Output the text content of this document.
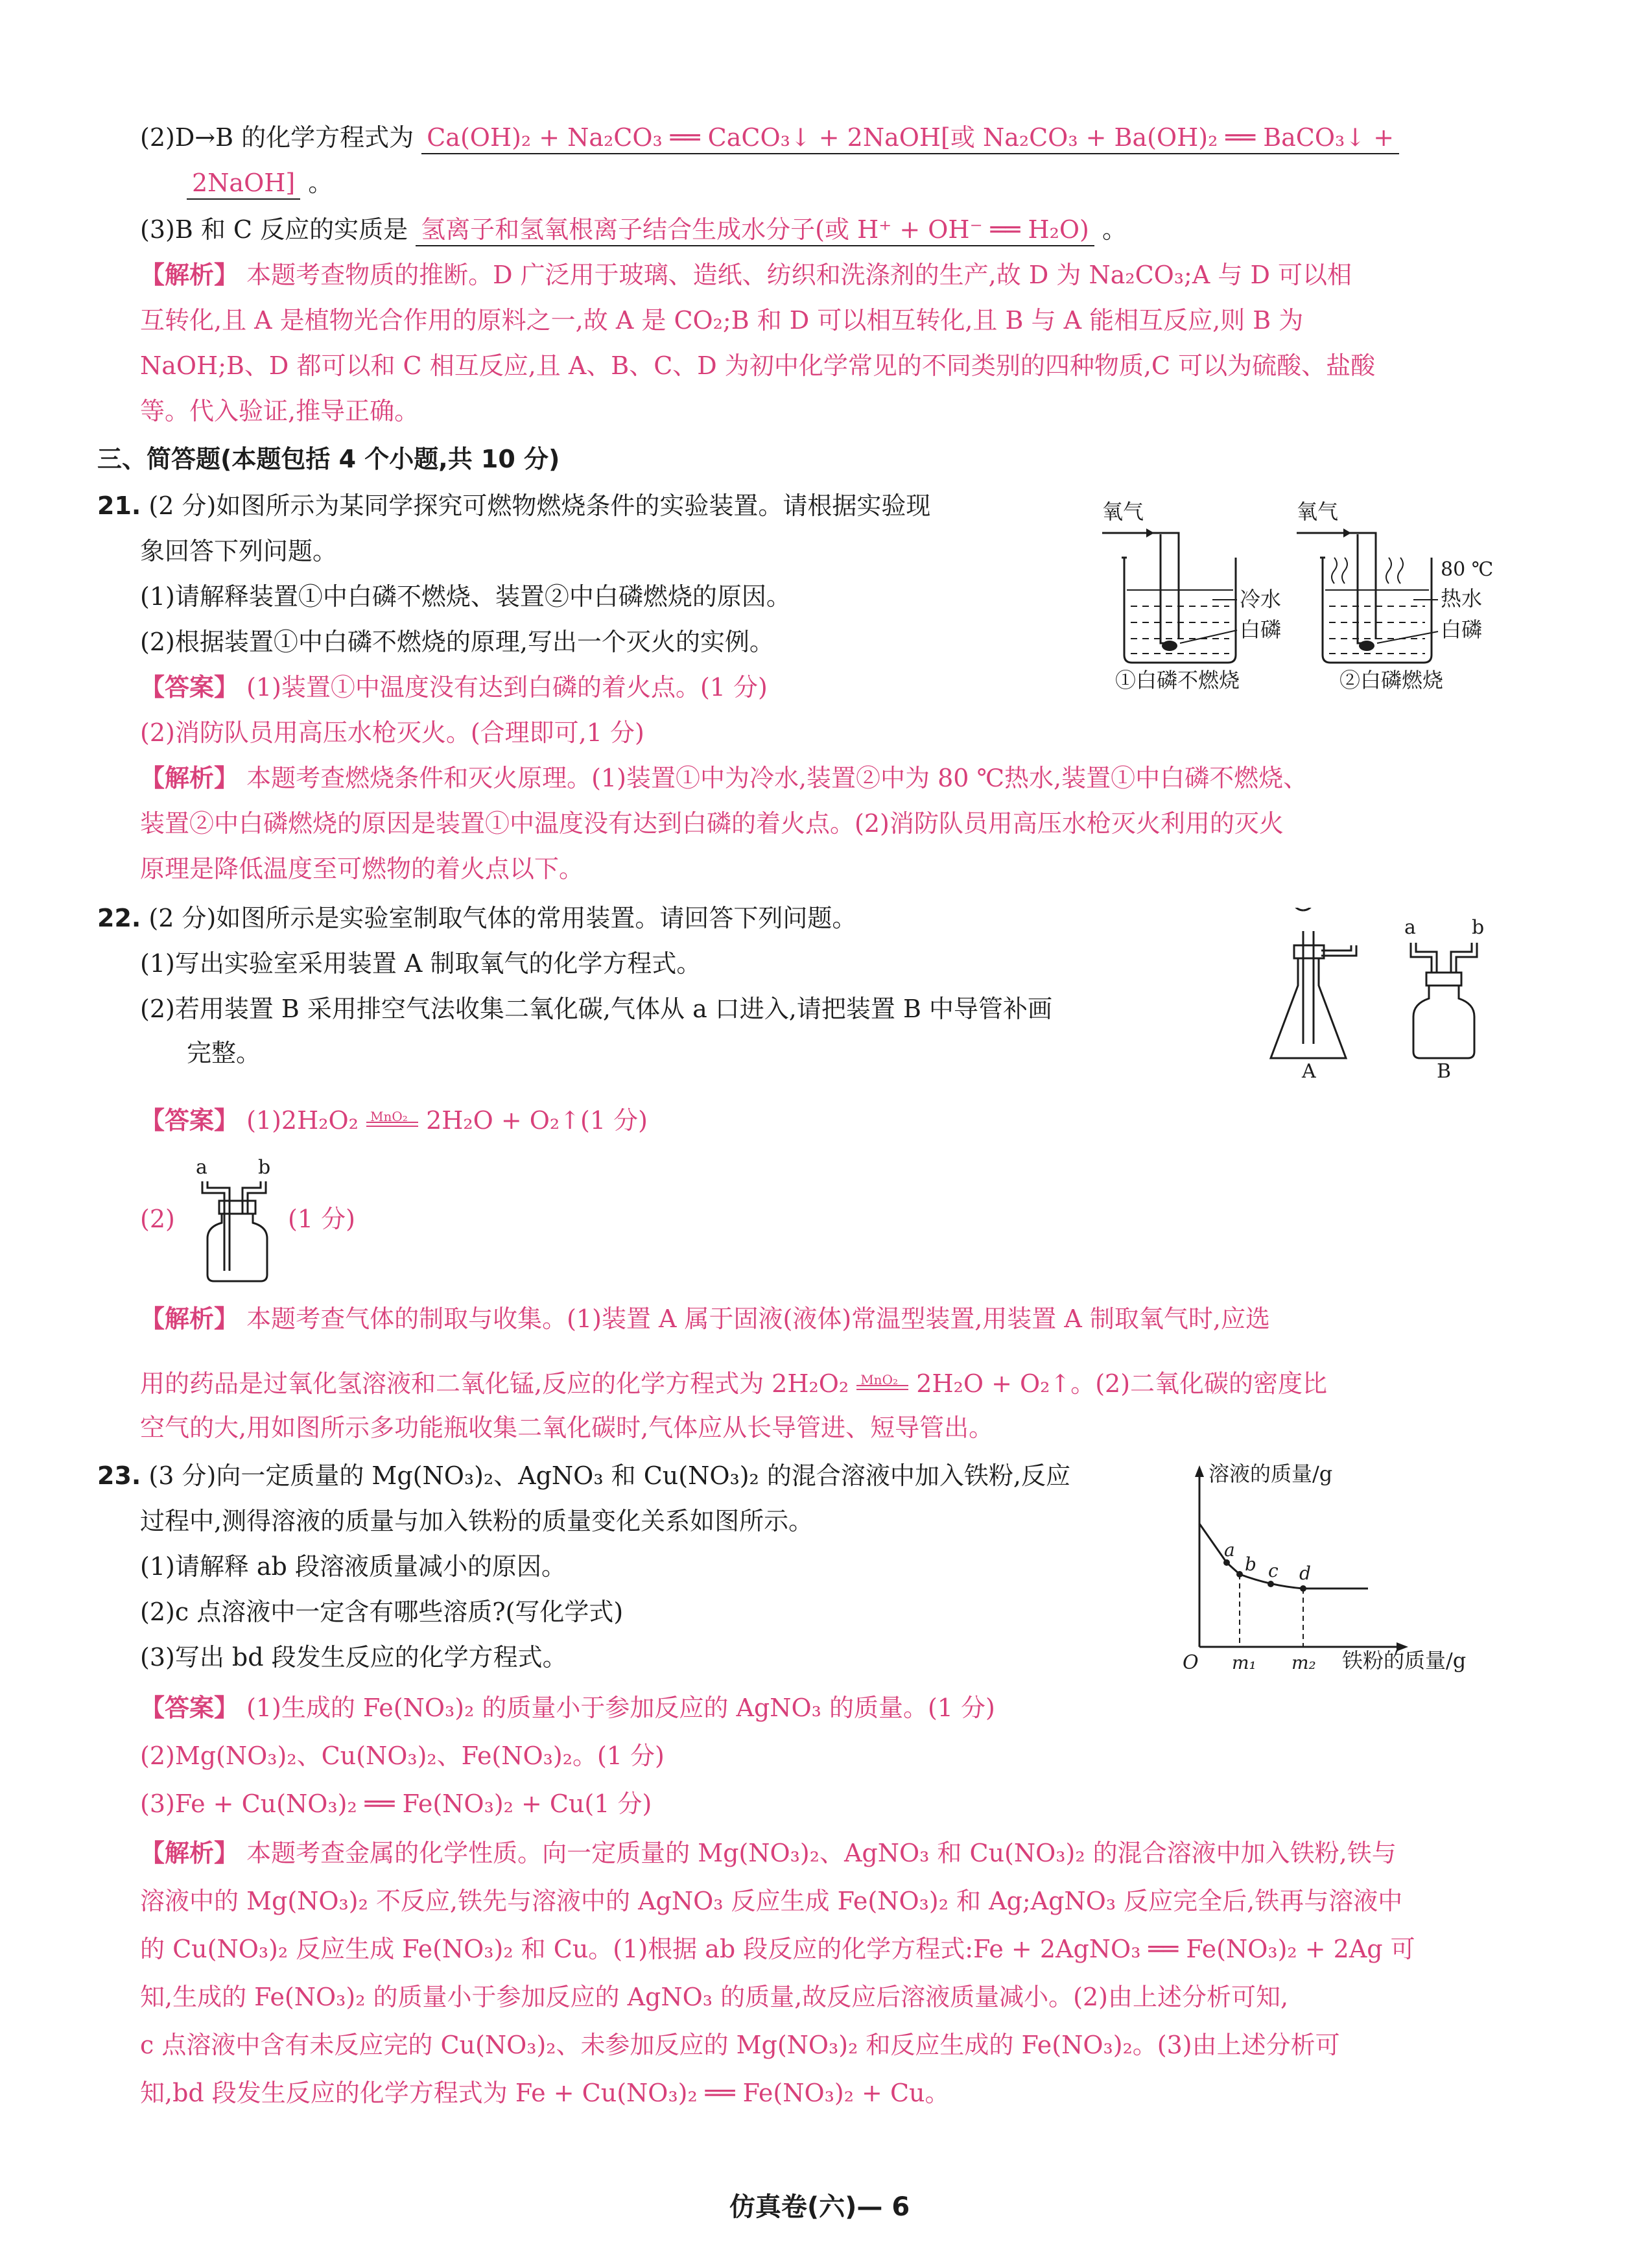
(2)D→B 的化学方程式为 Ca(OH)₂ + Na₂CO₃ ══ CaCO₃↓ + 2NaOH[或 Na₂CO₃ + Ba(OH)₂ ══ BaCO₃↓ +
2NaOH] 。
(3)B 和 C 反应的实质是 氢离子和氢氧根离子结合生成水分子(或 H⁺ + OH⁻ ══ H₂O) 。
【解析】 本题考查物质的推断。D 广泛用于玻璃、造纸、纺织和洗涤剂的生产,故 D 为 Na₂CO₃;A 与 D 可以相
互转化,且 A 是植物光合作用的原料之一,故 A 是 CO₂;B 和 D 可以相互转化,且 B 与 A 能相互反应,则 B 为
NaOH;B、D 都可以和 C 相互反应,且 A、B、C、D 为初中化学常见的不同类别的四种物质,C 可以为硫酸、盐酸
等。代入验证,推导正确。
三、简答题(本题包括 4 个小题,共 10 分)
21. (2 分)如图所示为某同学探究可燃物燃烧条件的实验装置。请根据实验现
象回答下列问题。
(1)请解释装置①中白磷不燃烧、装置②中白磷燃烧的原因。
(2)根据装置①中白磷不燃烧的原理,写出一个灭火的实例。
【答案】 (1)装置①中温度没有达到白磷的着火点。(1 分)
(2)消防队员用高压水枪灭火。(合理即可,1 分)
【解析】 本题考查燃烧条件和灭火原理。(1)装置①中为冷水,装置②中为 80 ℃热水,装置①中白磷不燃烧、
装置②中白磷燃烧的原因是装置①中温度没有达到白磷的着火点。(2)消防队员用高压水枪灭火利用的灭火
原理是降低温度至可燃物的着火点以下。
氧气
冷水
白磷
①白磷不燃烧
氧气
80 ℃
热水
白磷
②白磷燃烧
22. (2 分)如图所示是实验室制取气体的常用装置。请回答下列问题。
(1)写出实验室采用装置 A 制取氧气的化学方程式。
(2)若用装置 B 采用排空气法收集二氧化碳,气体从 a 口进入,请把装置 B 中导管补画
完整。
A
a	b
B
【答案】 (1)2H₂O₂ MnO₂ 2H₂O + O₂↑(1 分)
a	b
(2)	(1 分)
【解析】 本题考查气体的制取与收集。(1)装置 A 属于固液(液体)常温型装置,用装置 A 制取氧气时,应选
用的药品是过氧化氢溶液和二氧化锰,反应的化学方程式为 2H₂O₂ MnO₂ 2H₂O + O₂↑。(2)二氧化碳的密度比
空气的大,用如图所示多功能瓶收集二氧化碳时,气体应从长导管进、短导管出。
23. (3 分)向一定质量的 Mg(NO₃)₂、AgNO₃ 和 Cu(NO₃)₂ 的混合溶液中加入铁粉,反应
过程中,测得溶液的质量与加入铁粉的质量变化关系如图所示。
(1)请解释 ab 段溶液质量减小的原因。
(2)c 点溶液中一定含有哪些溶质?(写化学式)
(3)写出 bd 段发生反应的化学方程式。
溶液的质量/g
铁粉的质量/g
O m₁ m₂
a
b c d
【答案】 (1)生成的 Fe(NO₃)₂ 的质量小于参加反应的 AgNO₃ 的质量。(1 分)
(2)Mg(NO₃)₂、Cu(NO₃)₂、Fe(NO₃)₂。(1 分)
(3)Fe + Cu(NO₃)₂ ══ Fe(NO₃)₂ + Cu(1 分)
【解析】 本题考查金属的化学性质。向一定质量的 Mg(NO₃)₂、AgNO₃ 和 Cu(NO₃)₂ 的混合溶液中加入铁粉,铁与
溶液中的 Mg(NO₃)₂ 不反应,铁先与溶液中的 AgNO₃ 反应生成 Fe(NO₃)₂ 和 Ag;AgNO₃ 反应完全后,铁再与溶液中
的 Cu(NO₃)₂ 反应生成 Fe(NO₃)₂ 和 Cu。(1)根据 ab 段反应的化学方程式:Fe + 2AgNO₃ ══ Fe(NO₃)₂ + 2Ag 可
知,生成的 Fe(NO₃)₂ 的质量小于参加反应的 AgNO₃ 的质量,故反应后溶液质量减小。(2)由上述分析可知,
c 点溶液中含有未反应完的 Cu(NO₃)₂、未参加反应的 Mg(NO₃)₂ 和反应生成的 Fe(NO₃)₂。(3)由上述分析可
知,bd 段发生反应的化学方程式为 Fe + Cu(NO₃)₂ ══ Fe(NO₃)₂ + Cu。
仿真卷(六)— 6
